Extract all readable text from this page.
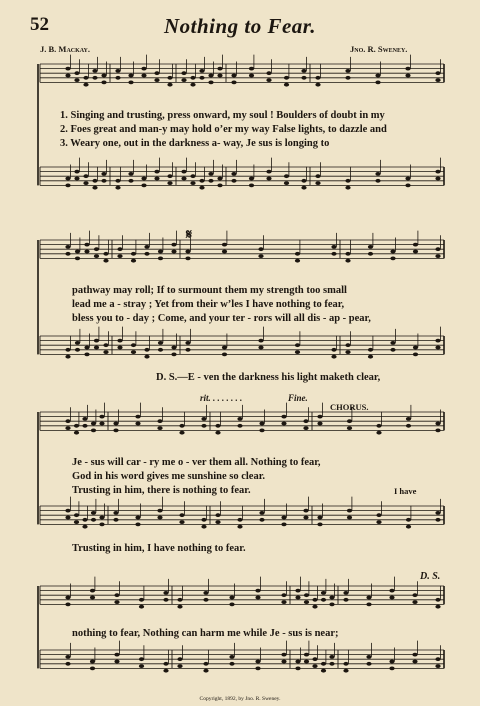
52	Nothing to Fear.
J. B. Mackay.	Jno. R. Sweney.
1. Singing and trusting, press onward, my soul ! Boulders of doubt in my
2. Foes great and man-y may hold o’er my way False lights, to dazzle and
3. Weary one, out in the darkness a- way, Je sus is longing to
𝄋
pathway may roll; If to surmount them my strength too small
lead me a - stray ; Yet from their w’les I have nothing to fear,
bless you to - day ; Come, and your ter - rors will all dis - ap - pear,
D. S.—E - ven the darkness his light maketh clear,
rit. . . . . . . .	Fine.
CHORUS.
Je - sus will car - ry me o - ver them all. Nothing to fear,
God in his word gives me sunshine so clear.
Trusting in him, there is nothing to fear.	I have
Trusting in him, I have nothing to fear.
D. S.
nothing to fear, Nothing can harm me while Je - sus is near;
Copyright, 1892, by Jno. R. Sweney.
